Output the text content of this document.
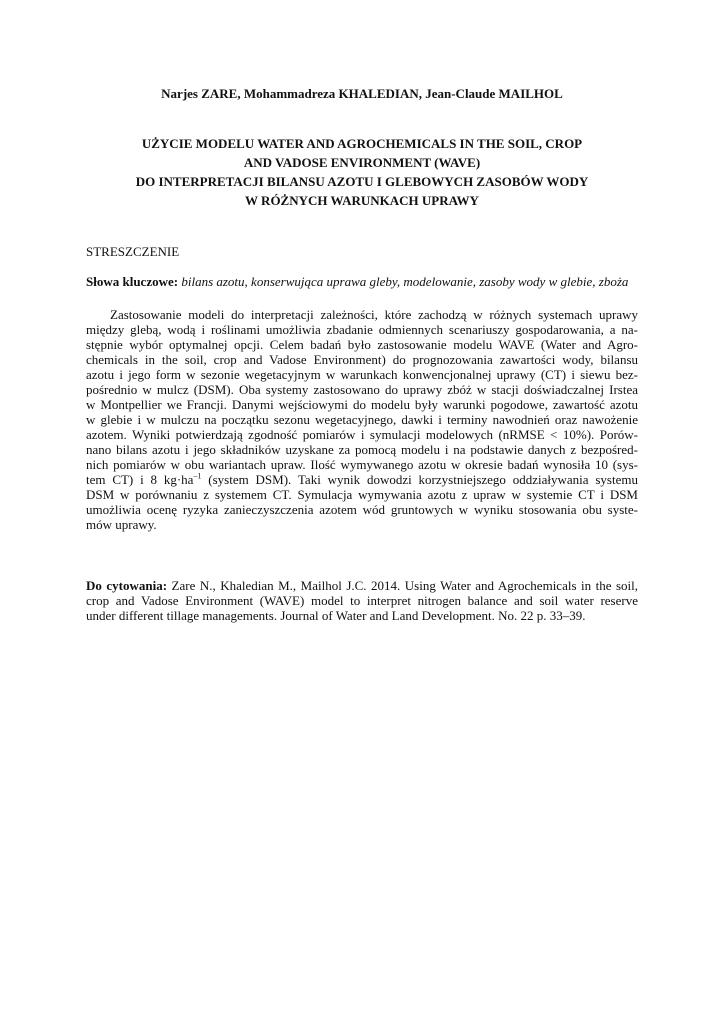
Narjes ZARE, Mohammadreza KHALEDIAN, Jean-Claude MAILHOL
UŻYCIE MODELU WATER AND AGROCHEMICALS IN THE SOIL, CROP
AND VADOSE ENVIRONMENT (WAVE)
DO INTERPRETACJI BILANSU AZOTU I GLEBOWYCH ZASOBÓW WODY
W RÓŻNYCH WARUNKACH UPRAWY
STRESZCZENIE
Słowa kluczowe: bilans azotu, konserwująca uprawa gleby, modelowanie, zasoby wody w glebie, zboża
Zastosowanie modeli do interpretacji zależności, które zachodzą w różnych systemach uprawy
między glebą, wodą i roślinami umożliwia zbadanie odmiennych scenariuszy gospodarowania, a na-
stępnie wybór optymalnej opcji. Celem badań było zastosowanie modelu WAVE (Water and Agro-
chemicals in the soil, crop and Vadose Environment) do prognozowania zawartości wody, bilansu
azotu i jego form w sezonie wegetacyjnym w warunkach konwencjonalnej uprawy (CT) i siewu bez-
pośrednio w mulcz (DSM). Oba systemy zastosowano do uprawy zbóż w stacji doświadczalnej Irstea
w Montpellier we Francji. Danymi wejściowymi do modelu były warunki pogodowe, zawartość azotu
w glebie i w mulczu na początku sezonu wegetacyjnego, dawki i terminy nawodnień oraz nawożenie
azotem. Wyniki potwierdzają zgodność pomiarów i symulacji modelowych (nRMSE < 10%). Porów-
nano bilans azotu i jego składników uzyskane za pomocą modelu i na podstawie danych z bezpośred-
nich pomiarów w obu wariantach upraw. Ilość wymywanego azotu w okresie badań wynosiła 10 (sys-
tem CT) i 8 $kg\cdot ha^{-1}$ (system DSM). Taki wynik dowodzi korzystniejszego oddziaływania systemu
DSM w porównaniu z systemem CT. Symulacja wymywania azotu z upraw w systemie CT i DSM
umożliwia ocenę ryzyka zanieczyszczenia azotem wód gruntowych w wyniku stosowania obu syste-
mów uprawy.
Do cytowania: Zare N., Khaledian M., Mailhol J.C. 2014. Using Water and Agrochemicals in the soil,
crop and Vadose Environment (WAVE) model to interpret nitrogen balance and soil water reserve
under different tillage managements. Journal of Water and Land Development. No. 22 p. 33–39.
